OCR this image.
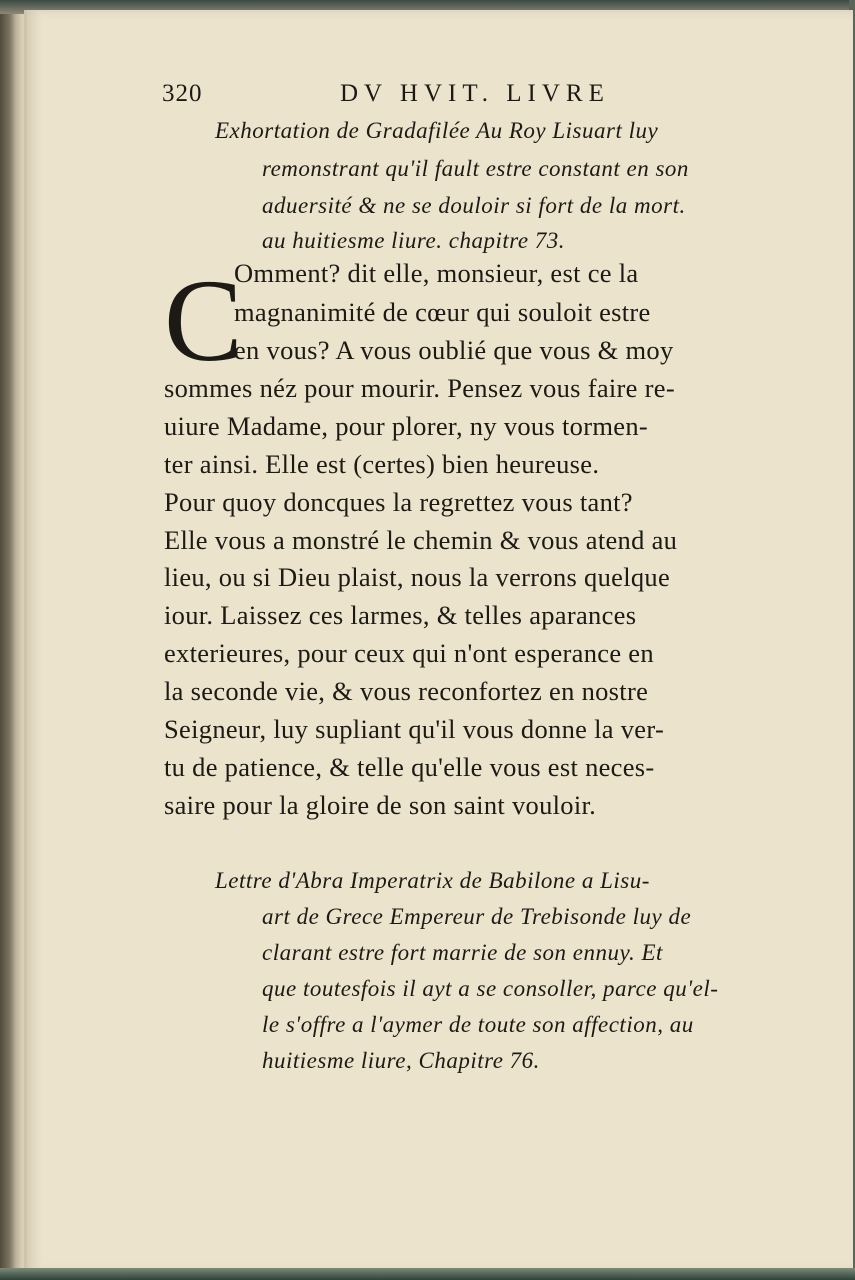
320	DV HVIT. LIVRE
Exhortation de Gradafilée Au Roy Lisuart luy
remonstrant qu'il fault estre constant en son
aduersité & ne se douloir si fort de la mort.
au huitiesme liure. chapitre 73.
C
Omment? dit elle, monsieur, est ce la
magnanimité de cœur qui souloit estre
en vous? A vous oublié que vous & moy
sommes néz pour mourir. Pensez vous faire re-
uiure Madame, pour plorer, ny vous tormen-
ter ainsi. Elle est (certes) bien heureuse.
Pour quoy doncques la regrettez vous tant?
Elle vous a monstré le chemin & vous atend au
lieu, ou si Dieu plaist, nous la verrons quelque
iour. Laissez ces larmes, & telles aparances
exterieures, pour ceux qui n'ont esperance en
la seconde vie, & vous reconfortez en nostre
Seigneur, luy supliant qu'il vous donne la ver-
tu de patience, & telle qu'elle vous est neces-
saire pour la gloire de son saint vouloir.
Lettre d'Abra Imperatrix de Babilone a Lisu-
art de Grece Empereur de Trebisonde luy de
clarant estre fort marrie de son ennuy. Et
que toutesfois il ayt a se consoller, parce qu'el-
le s'offre a l'aymer de toute son affection, au
huitiesme liure, Chapitre 76.
